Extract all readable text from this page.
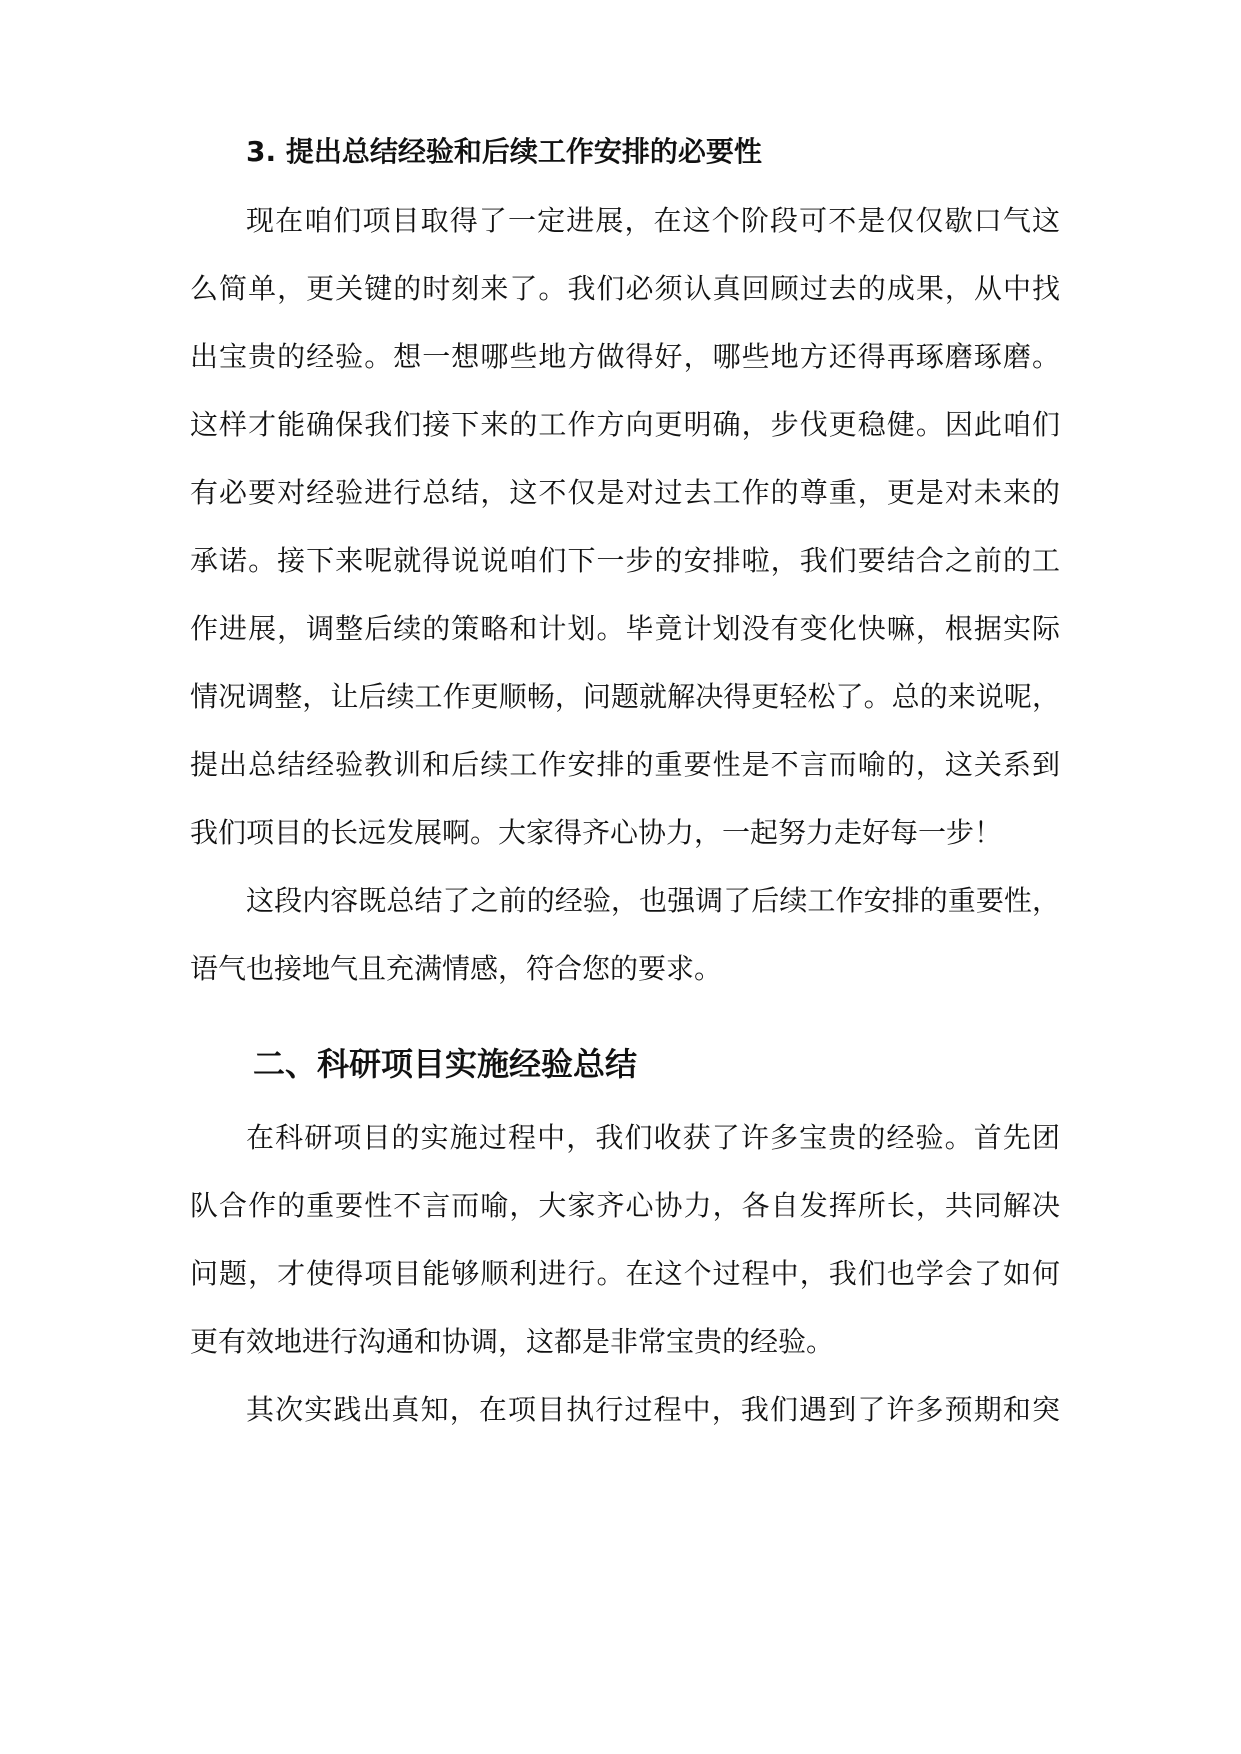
3. 提出总结经验和后续工作安排的必要性
现在咱们项目取得了一定进展，在这个阶段可不是仅仅歇口气这
么简单，更关键的时刻来了。我们必须认真回顾过去的成果，从中找
出宝贵的经验。想一想哪些地方做得好，哪些地方还得再琢磨琢磨。
这样才能确保我们接下来的工作方向更明确，步伐更稳健。因此咱们
有必要对经验进行总结，这不仅是对过去工作的尊重，更是对未来的
承诺。接下来呢就得说说咱们下一步的安排啦，我们要结合之前的工
作进展，调整后续的策略和计划。毕竟计划没有变化快嘛，根据实际
情况调整，让后续工作更顺畅，问题就解决得更轻松了。总的来说呢，
提出总结经验教训和后续工作安排的重要性是不言而喻的，这关系到
我们项目的长远发展啊。大家得齐心协力，一起努力走好每一步！
这段内容既总结了之前的经验，也强调了后续工作安排的重要性，
语气也接地气且充满情感，符合您的要求。
二、科研项目实施经验总结
在科研项目的实施过程中，我们收获了许多宝贵的经验。首先团
队合作的重要性不言而喻，大家齐心协力，各自发挥所长，共同解决
问题，才使得项目能够顺利进行。在这个过程中，我们也学会了如何
更有效地进行沟通和协调，这都是非常宝贵的经验。
其次实践出真知，在项目执行过程中，我们遇到了许多预期和突
